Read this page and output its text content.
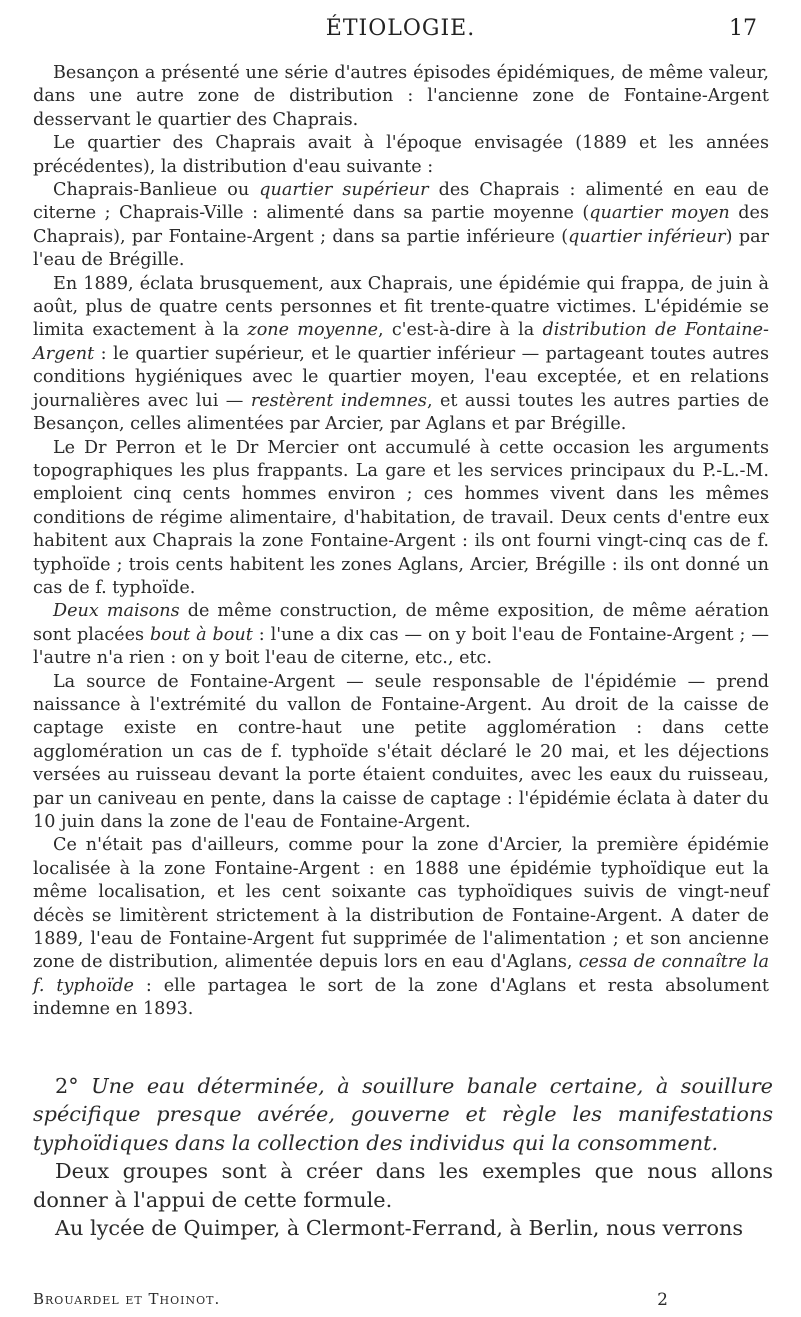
ÉTIOLOGIE.	17

Besançon a présenté une série d'autres épisodes épidémiques, de même valeur, dans une autre zone de distribution : l'ancienne zone de Fontaine-Argent desservant le quartier des Chaprais.

Le quartier des Chaprais avait à l'époque envisagée (1889 et les années précédentes), la distribution d'eau suivante :

Chaprais-Banlieue ou quartier supérieur des Chaprais : alimenté en eau de citerne ; Chaprais-Ville : alimenté dans sa partie moyenne (quartier moyen des Chaprais), par Fontaine-Argent ; dans sa partie inférieure (quartier inférieur) par l'eau de Brégille.

En 1889, éclata brusquement, aux Chaprais, une épidémie qui frappa, de juin à août, plus de quatre cents personnes et fit trente-quatre victimes. L'épidémie se limita exactement à la zone moyenne, c'est-à-dire à la distribution de Fontaine-Argent : le quartier supérieur, et le quartier inférieur — partageant toutes autres conditions hygiéniques avec le quartier moyen, l'eau exceptée, et en relations journalières avec lui — restèrent indemnes, et aussi toutes les autres parties de Besançon, celles alimentées par Arcier, par Aglans et par Brégille.

Le Dr Perron et le Dr Mercier ont accumulé à cette occasion les arguments topographiques les plus frappants. La gare et les services principaux du P.-L.-M. emploient cinq cents hommes environ ; ces hommes vivent dans les mêmes conditions de régime alimentaire, d'habitation, de travail. Deux cents d'entre eux habitent aux Chaprais la zone Fontaine-Argent : ils ont fourni vingt-cinq cas de f. typhoïde ; trois cents habitent les zones Aglans, Arcier, Brégille : ils ont donné un cas de f. typhoïde.

Deux maisons de même construction, de même exposition, de même aération sont placées bout à bout : l'une a dix cas — on y boit l'eau de Fontaine-Argent ; — l'autre n'a rien : on y boit l'eau de citerne, etc., etc.

La source de Fontaine-Argent — seule responsable de l'épidémie — prend naissance à l'extrémité du vallon de Fontaine-Argent. Au droit de la caisse de captage existe en contre-haut une petite agglomération : dans cette agglomération un cas de f. typhoïde s'était déclaré le 20 mai, et les déjections versées au ruisseau devant la porte étaient conduites, avec les eaux du ruisseau, par un caniveau en pente, dans la caisse de captage : l'épidémie éclata à dater du 10 juin dans la zone de l'eau de Fontaine-Argent.

Ce n'était pas d'ailleurs, comme pour la zone d'Arcier, la première épidémie localisée à la zone Fontaine-Argent : en 1888 une épidémie typhoïdique eut la même localisation, et les cent soixante cas typhoïdiques suivis de vingt-neuf décès se limitèrent strictement à la distribution de Fontaine-Argent. A dater de 1889, l'eau de Fontaine-Argent fut supprimée de l'alimentation ; et son ancienne zone de distribution, alimentée depuis lors en eau d'Aglans, cessa de connaître la f. typhoïde : elle partagea le sort de la zone d'Aglans et resta absolument indemne en 1893.

2° Une eau déterminée, à souillure banale certaine, à souillure spécifique presque avérée, gouverne et règle les manifestations typhoïdiques dans la collection des individus qui la consomment.

Deux groupes sont à créer dans les exemples que nous allons donner à l'appui de cette formule.

Au lycée de Quimper, à Clermont-Ferrand, à Berlin, nous verrons

Brouardel et Thoinot.	2
